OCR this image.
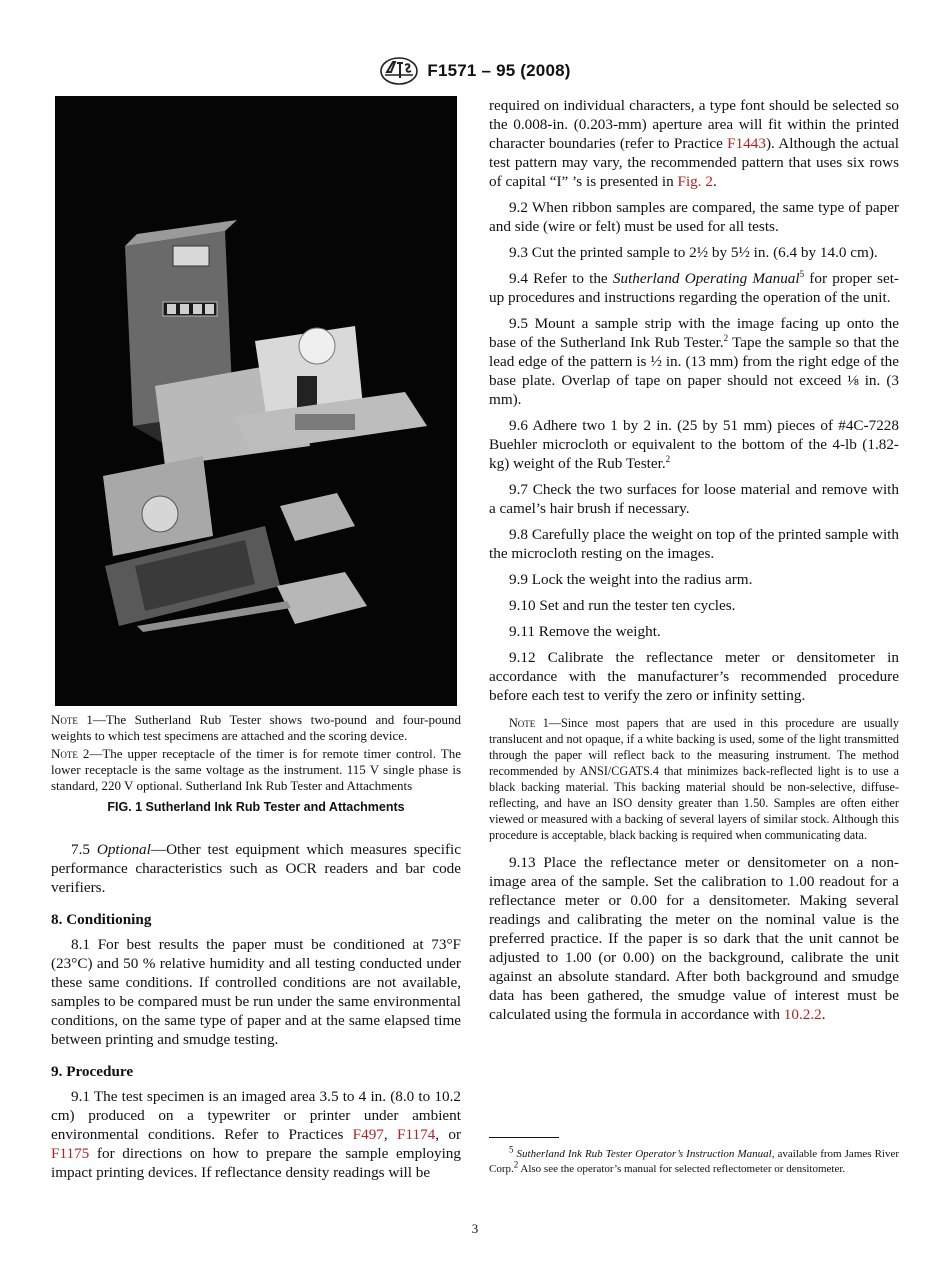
F1571 – 95 (2008)

Note 1—The Sutherland Rub Tester shows two-pound and four-pound weights to which test specimens are attached and the scoring device.

Note 2—The upper receptacle of the timer is for remote timer control. The lower receptacle is the same voltage as the instrument. 115 V single phase is standard, 220 V optional. Sutherland Ink Rub Tester and Attachments

FIG. 1 Sutherland Ink Rub Tester and Attachments

7.5 Optional—Other test equipment which measures specific performance characteristics such as OCR readers and bar code verifiers.

8. Conditioning

8.1 For best results the paper must be conditioned at 73°F (23°C) and 50 % relative humidity and all testing conducted under these same conditions. If controlled conditions are not available, samples to be compared must be run under the same environmental conditions, on the same type of paper and at the same elapsed time between printing and smudge testing.

9. Procedure

9.1 The test specimen is an imaged area 3.5 to 4 in. (8.0 to 10.2 cm) produced on a typewriter or printer under ambient environmental conditions. Refer to Practices F497, F1174, or F1175 for directions on how to prepare the sample employing impact printing devices. If reflectance density readings will be

required on individual characters, a type font should be selected so the 0.008-in. (0.203-mm) aperture area will fit within the printed character boundaries (refer to Practice F1443). Although the actual test pattern may vary, the recommended pattern that uses six rows of capital “I” ’s is presented in Fig. 2.

9.2 When ribbon samples are compared, the same type of paper and side (wire or felt) must be used for all tests.

9.3 Cut the printed sample to 2½ by 5½ in. (6.4 by 14.0 cm).

9.4 Refer to the Sutherland Operating Manual$^5$ for proper set-up procedures and instructions regarding the operation of the unit.

9.5 Mount a sample strip with the image facing up onto the base of the Sutherland Ink Rub Tester.$^2$ Tape the sample so that the lead edge of the pattern is ½ in. (13 mm) from the right edge of the base plate. Overlap of tape on paper should not exceed ⅛ in. (3 mm).

9.6 Adhere two 1 by 2 in. (25 by 51 mm) pieces of #4C-7228 Buehler microcloth or equivalent to the bottom of the 4-lb (1.82-kg) weight of the Rub Tester.$^2$

9.7 Check the two surfaces for loose material and remove with a camel’s hair brush if necessary.

9.8 Carefully place the weight on top of the printed sample with the microcloth resting on the images.

9.9 Lock the weight into the radius arm.

9.10 Set and run the tester ten cycles.

9.11 Remove the weight.

9.12 Calibrate the reflectance meter or densitometer in accordance with the manufacturer’s recommended procedure before each test to verify the zero or infinity setting.

Note 1—Since most papers that are used in this procedure are usually translucent and not opaque, if a white backing is used, some of the light transmitted through the paper will reflect back to the measuring instrument. The method recommended by ANSI/CGATS.4 that minimizes back-reflected light is to use a black backing material. This backing material should be non-selective, diffuse-reflecting, and have an ISO density greater than 1.50. Samples are often either viewed or measured with a backing of several layers of similar stock. Although this procedure is acceptable, black backing is required when communicating data.

9.13 Place the reflectance meter or densitometer on a non-image area of the sample. Set the calibration to 1.00 readout for a reflectance meter or 0.00 for a densitometer. Making several readings and calibrating the meter on the nominal value is the preferred practice. If the paper is so dark that the unit cannot be adjusted to 1.00 (or 0.00) on the background, calibrate the unit against an absolute standard. After both background and smudge data has been gathered, the smudge value of interest must be calculated using the formula in accordance with 10.2.2.

$^5$ Sutherland Ink Rub Tester Operator’s Instruction Manual, available from James River Corp.$^2$ Also see the operator’s manual for selected reflectometer or densitometer.
3
